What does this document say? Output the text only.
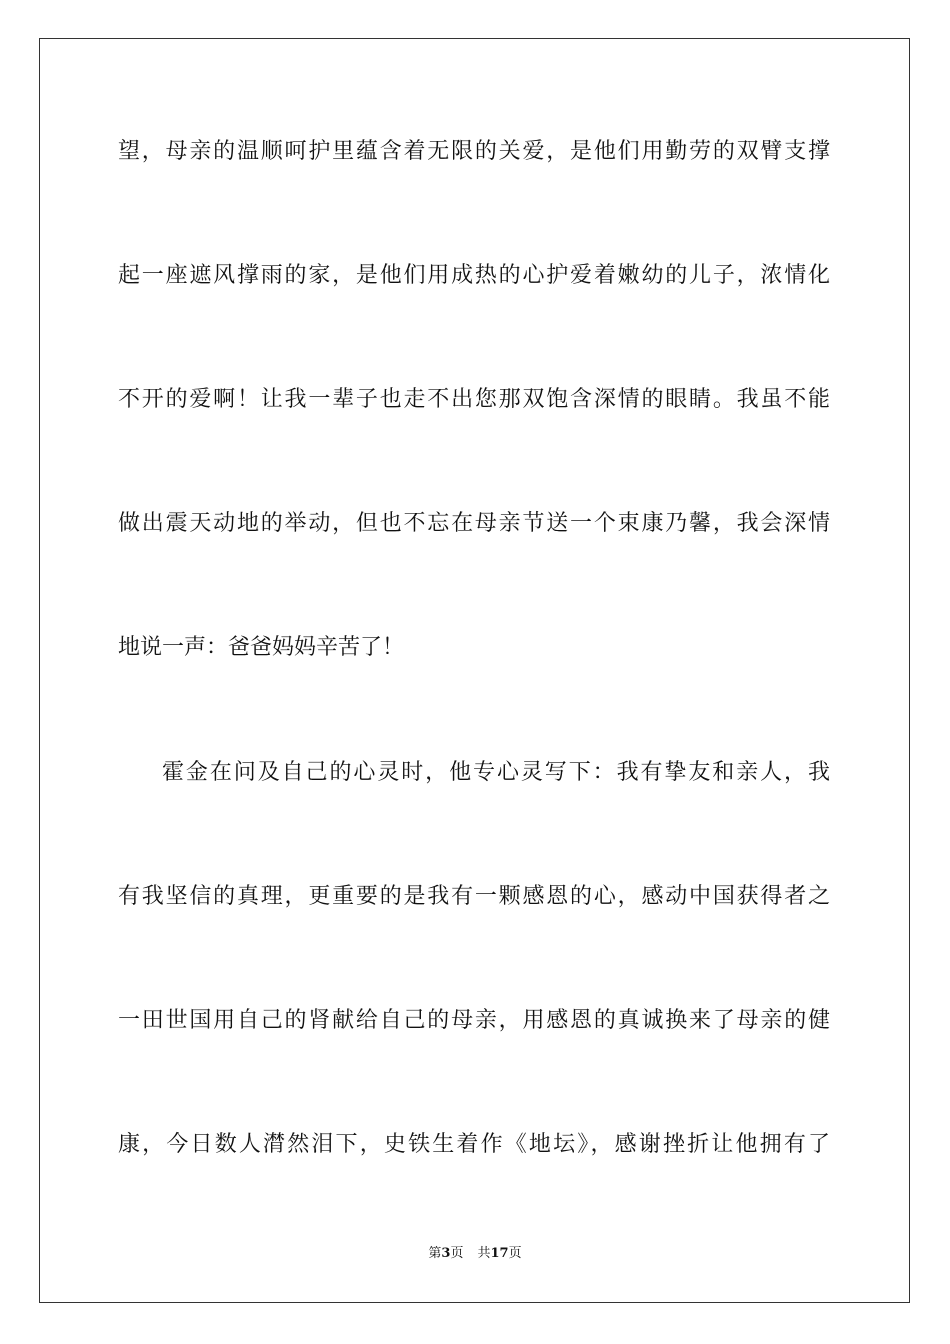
望，母亲的温顺呵护里蕴含着无限的关爱，是他们用勤劳的双臂支撑
起一座遮风撑雨的家，是他们用成热的心护爱着嫩幼的儿子，浓情化
不开的爱啊！让我一辈子也走不出您那双饱含深情的眼睛。我虽不能
做出震天动地的举动，但也不忘在母亲节送一个束康乃馨，我会深情
地说一声：爸爸妈妈辛苦了！
霍金在问及自己的心灵时，他专心灵写下：我有挚友和亲人，我
有我坚信的真理，更重要的是我有一颗感恩的心，感动中国获得者之
一田世国用自己的肾献给自己的母亲，用感恩的真诚换来了母亲的健
康，今日数人潸然泪下，史铁生着作《地坛》，感谢挫折让他拥有了
第3页 共17页
